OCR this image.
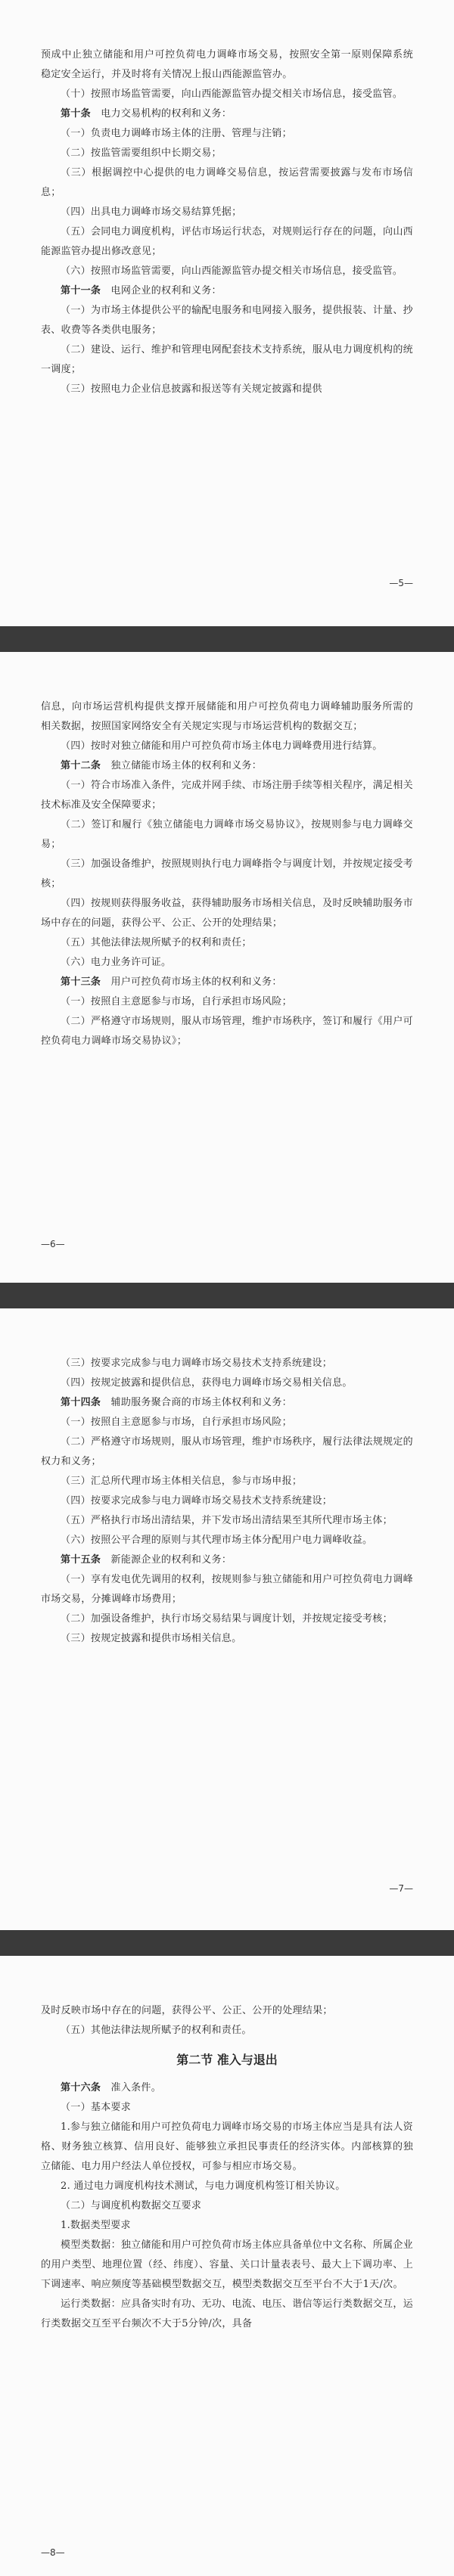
预成中止独立储能和用户可控负荷电力调峰市场交易，按照安全第一原则保障系统稳定安全运行，并及时将有关情况上报山西能源监管办。

（十）按照市场监管需要，向山西能源监管办提交相关市场信息，接受监管。

第十条　 电力交易机构的权利和义务：

（一）负责电力调峰市场主体的注册、管理与注销；

（二）按监管需要组织中长期交易；

（三）根据调控中心提供的电力调峰交易信息，按运营需要披露与发布市场信息；

（四）出具电力调峰市场交易结算凭据；

（五）会同电力调度机构，评估市场运行状态，对规则运行存在的问题，向山西能源监管办提出修改意见；

（六）按照市场监管需要，向山西能源监管办提交相关市场信息，接受监管。

第十一条　 电网企业的权利和义务：

（一）为市场主体提供公平的输配电服务和电网接入服务，提供报装、计量、抄表、收费等各类供电服务；

（二）建设、运行、维护和管理电网配套技术支持系统，服从电力调度机构的统一调度；

（三）按照电力企业信息披露和报送等有关规定披露和提供

—5—

信息，向市场运营机构提供支撑开展储能和用户可控负荷电力调峰辅助服务所需的相关数据，按照国家网络安全有关规定实现与市场运营机构的数据交互；

（四）按时对独立储能和用户可控负荷市场主体电力调峰费用进行结算。

第十二条　 独立储能市场主体的权利和义务：

（一）符合市场准入条件，完成并网手续、市场注册手续等相关程序，满足相关技术标准及安全保障要求；

（二）签订和履行《独立储能电力调峰市场交易协议》，按规则参与电力调峰交易；

（三）加强设备维护，按照规则执行电力调峰指令与调度计划，并按规定接受考核；

（四）按规则获得服务收益，获得辅助服务市场相关信息，及时反映辅助服务市场中存在的问题，获得公平、公正、公开的处理结果；

（五）其他法律法规所赋予的权利和责任；

（六）电力业务许可证。

第十三条　 用户可控负荷市场主体的权利和义务：

（一）按照自主意愿参与市场，自行承担市场风险；

（二）严格遵守市场规则，服从市场管理，维护市场秩序，签订和履行《用户可控负荷电力调峰市场交易协议》；

—6—

（三）按要求完成参与电力调峰市场交易技术支持系统建设；

（四）按规定披露和提供信息，获得电力调峰市场交易相关信息。

第十四条　 辅助服务聚合商的市场主体权利和义务：

（一）按照自主意愿参与市场，自行承担市场风险；

（二）严格遵守市场规则，服从市场管理，维护市场秩序，履行法律法规规定的权力和义务；

（三）汇总所代理市场主体相关信息，参与市场申报；

（四）按要求完成参与电力调峰市场交易技术支持系统建设；

（五）严格执行市场出清结果，并下发市场出清结果至其所代理市场主体；

（六）按照公平合理的原则与其代理市场主体分配用户电力调峰收益。

第十五条　 新能源企业的权利和义务：

（一）享有发电优先调用的权利，按规则参与独立储能和用户可控负荷电力调峰市场交易，分摊调峰市场费用；

（二）加强设备维护，执行市场交易结果与调度计划，并按规定接受考核；

（三）按规定披露和提供市场相关信息。

—7—

及时反映市场中存在的问题，获得公平、公正、公开的处理结果；

（五）其他法律法规所赋予的权利和责任。

第二节 准入与退出

第十六条　 准入条件。

（一）基本要求

1.参与独立储能和用户可控负荷电力调峰市场交易的市场主体应当是具有法人资格、财务独立核算、信用良好、能够独立承担民事责任的经济实体。内部核算的独立储能、电力用户经法人单位授权，可参与相应市场交易。

2. 通过电力调度机构技术测试，与电力调度机构签订相关协议。

（二）与调度机构数据交互要求

1.数据类型要求

模型类数据：独立储能和用户可控负荷市场主体应具备单位中文名称、所属企业的用户类型、地理位置（经、纬度）、容量、关口计量表表号、最大上下调功率、上下调速率、响应频度等基础模型数据交互，模型类数据交互至平台不大于1天/次。

运行类数据：应具备实时有功、无功、电流、电压、谐信等运行类数据交互，运行类数据交互至平台频次不大于5分钟/次，具备

—8—
